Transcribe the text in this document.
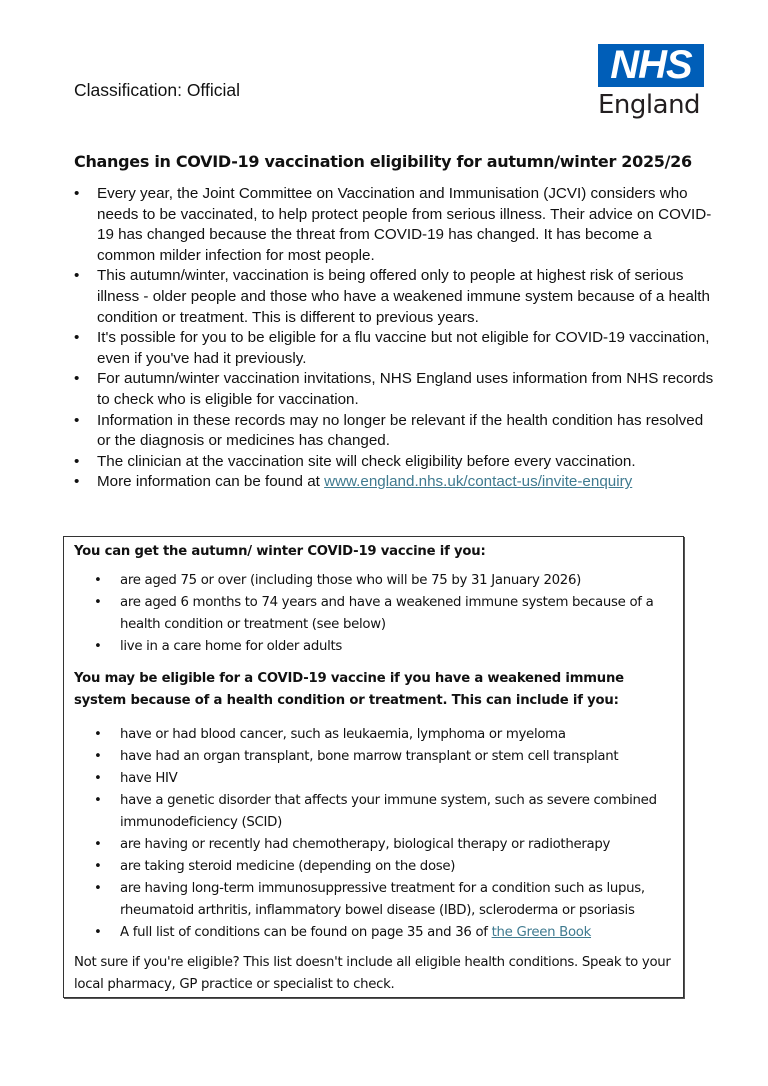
Classification: Official
NHS
England
Changes in COVID-19 vaccination eligibility for autumn/winter 2025/26
• Every year, the Joint Committee on Vaccination and Immunisation (JCVI) considers who needs to be vaccinated, to help protect people from serious illness. Their advice on COVID-19 has changed because the threat from COVID-19 has changed. It has become a common milder infection for most people.
• This autumn/winter, vaccination is being offered only to people at highest risk of serious illness - older people and those who have a weakened immune system because of a health condition or treatment. This is different to previous years.
• It's possible for you to be eligible for a flu vaccine but not eligible for COVID-19 vaccination, even if you've had it previously.
• For autumn/winter vaccination invitations, NHS England uses information from NHS records to check who is eligible for vaccination.
• Information in these records may no longer be relevant if the health condition has resolved or the diagnosis or medicines has changed.
• The clinician at the vaccination site will check eligibility before every vaccination.
• More information can be found at www.england.nhs.uk/contact-us/invite-enquiry
You can get the autumn/ winter COVID-19 vaccine if you:
• are aged 75 or over (including those who will be 75 by 31 January 2026)
• are aged 6 months to 74 years and have a weakened immune system because of a health condition or treatment (see below)
• live in a care home for older adults
You may be eligible for a COVID-19 vaccine if you have a weakened immune system because of a health condition or treatment. This can include if you:
• have or had blood cancer, such as leukaemia, lymphoma or myeloma
• have had an organ transplant, bone marrow transplant or stem cell transplant
• have HIV
• have a genetic disorder that affects your immune system, such as severe combined immunodeficiency (SCID)
• are having or recently had chemotherapy, biological therapy or radiotherapy
• are taking steroid medicine (depending on the dose)
• are having long-term immunosuppressive treatment for a condition such as lupus, rheumatoid arthritis, inflammatory bowel disease (IBD), scleroderma or psoriasis
• A full list of conditions can be found on page 35 and 36 of the Green Book
Not sure if you're eligible? This list doesn't include all eligible health conditions. Speak to your local pharmacy, GP practice or specialist to check.
